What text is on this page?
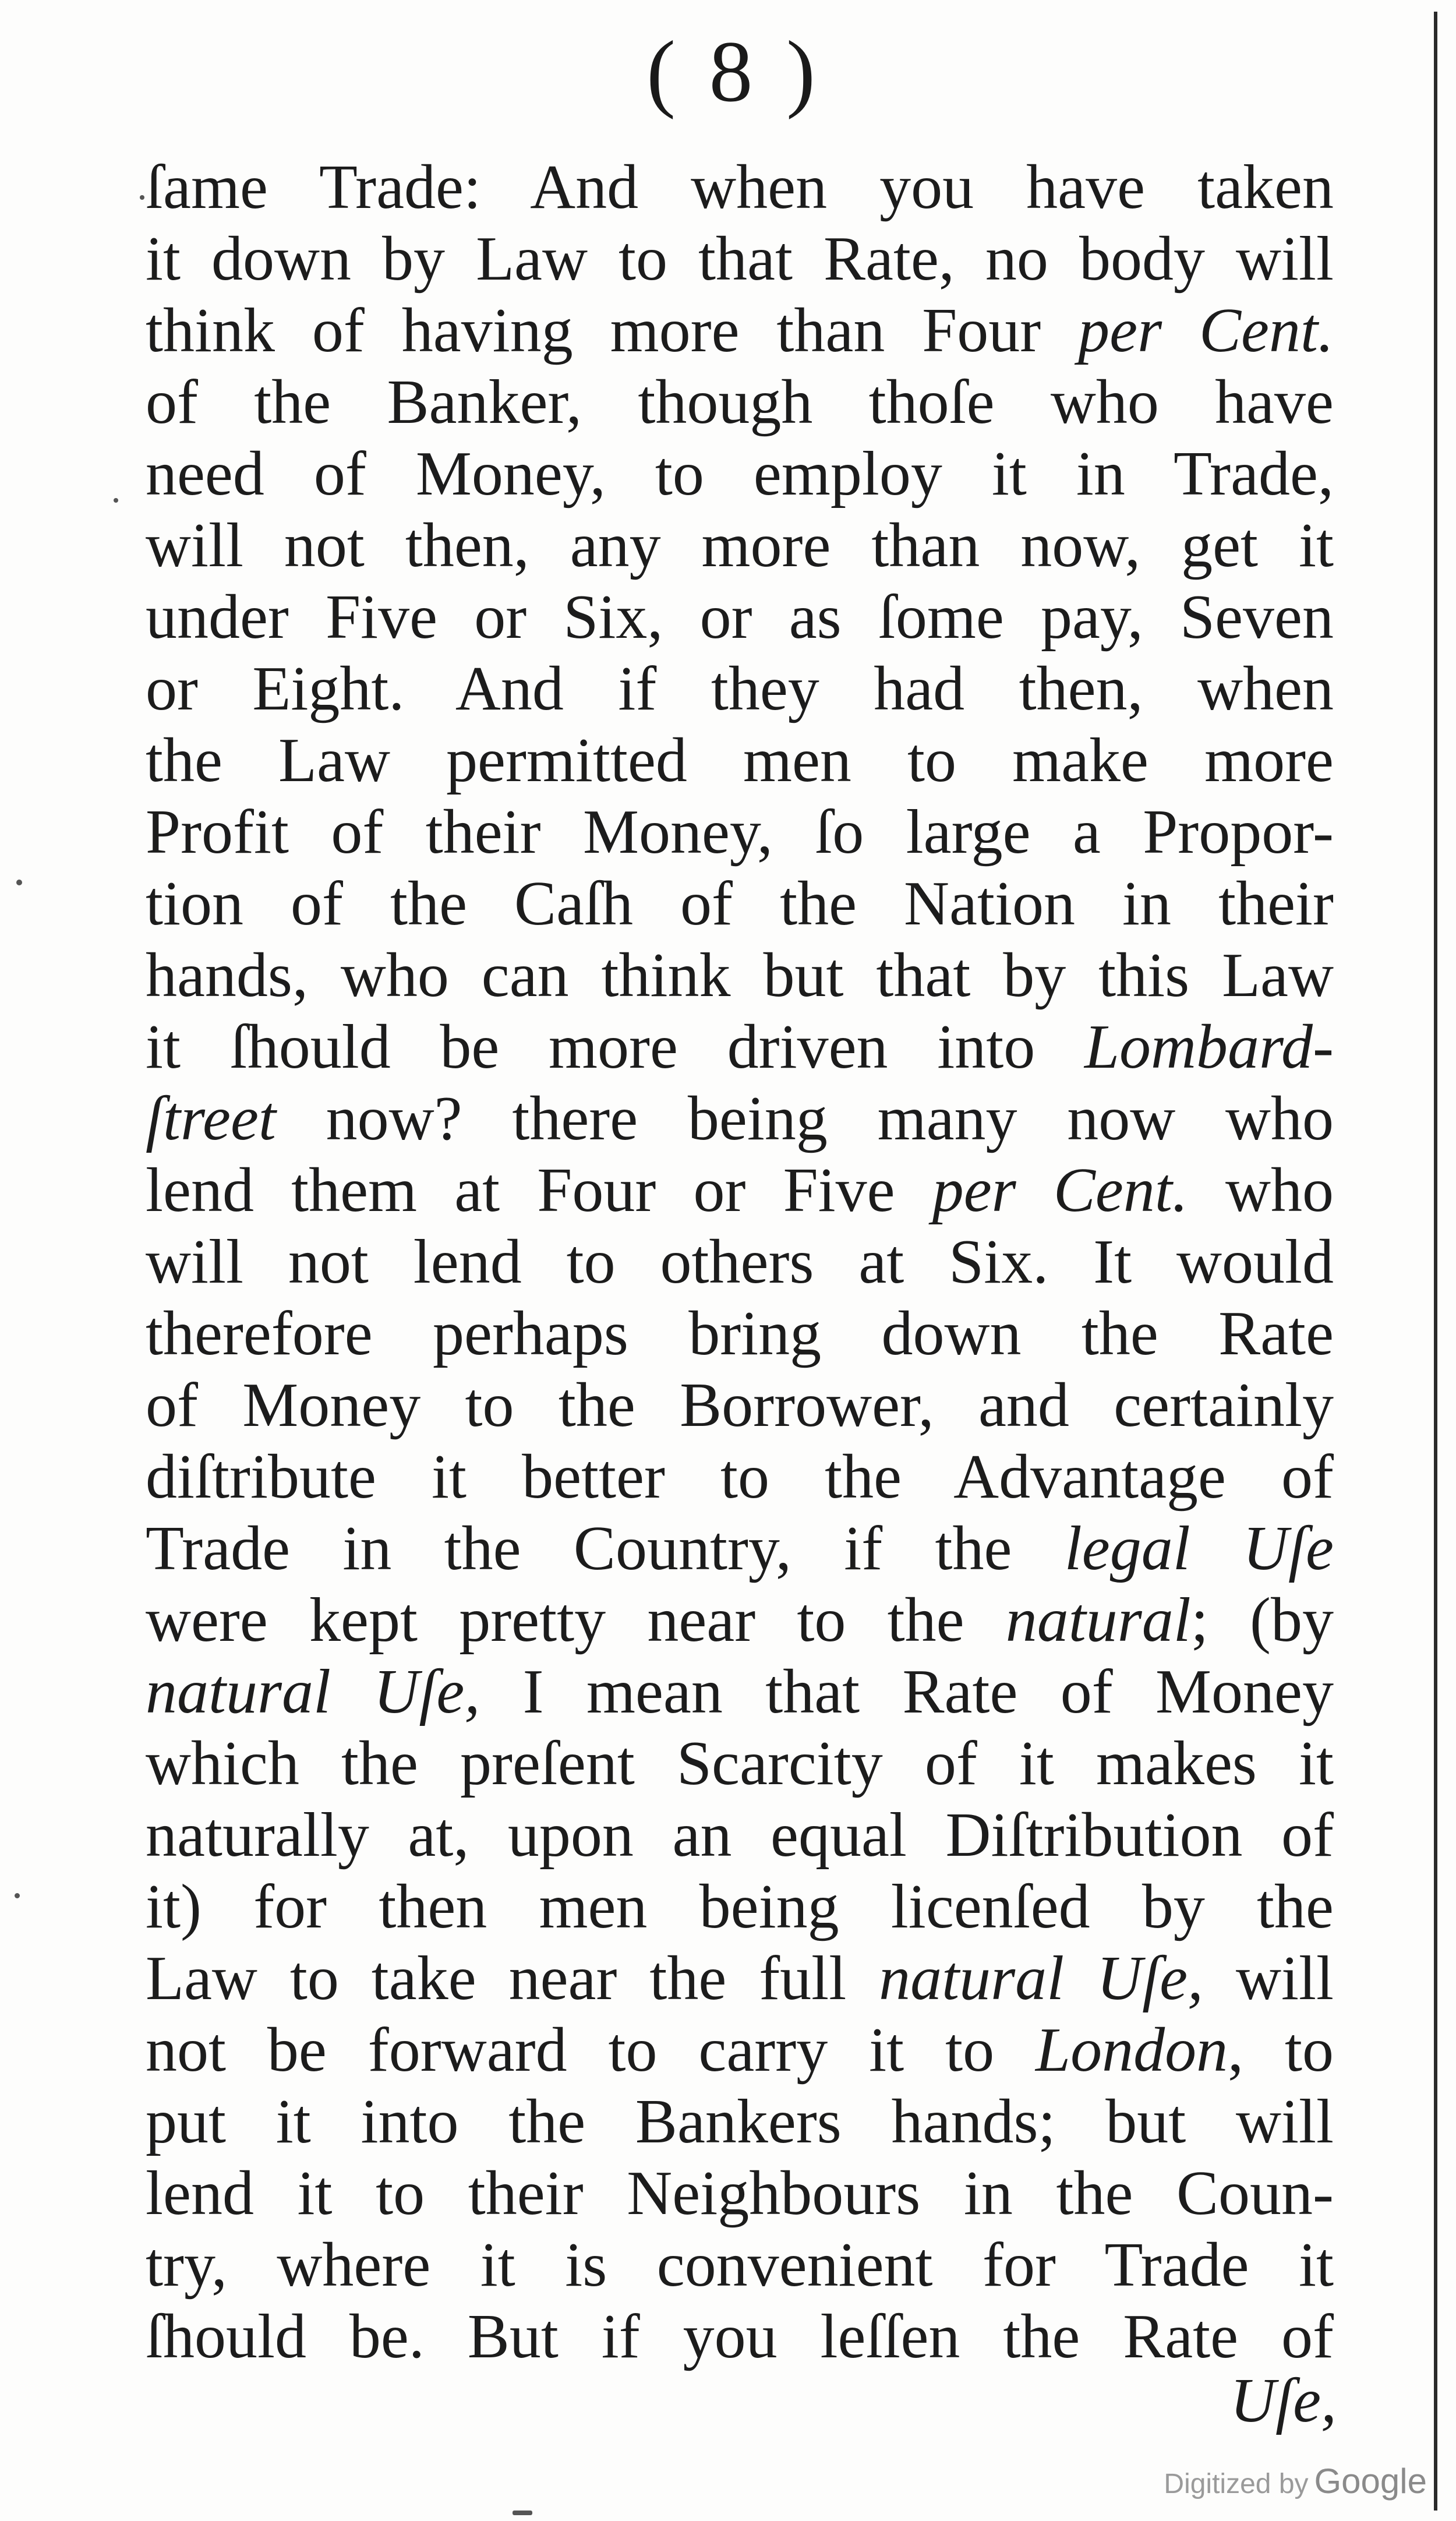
( 8 )
ſame Trade: And when you have taken
it down by Law to that Rate, no body will
think of having more than Four per Cent.
of the Banker, though thoſe who have
need of Money, to employ it in Trade,
will not then, any more than now, get it
under Five or Six, or as ſome pay, Seven
or Eight. And if they had then, when
the Law permitted men to make more
Profit of their Money, ſo large a Propor-
tion of the Caſh of the Nation in their
hands, who can think but that by this Law
it ſhould be more driven into Lombard-
ſtreet now? there being many now who
lend them at Four or Five per Cent. who
will not lend to others at Six. It would
therefore perhaps bring down the Rate
of Money to the Borrower, and certainly
diſtribute it better to the Advantage of
Trade in the Country, if the legal Uſe
were kept pretty near to the natural; (by
natural Uſe, I mean that Rate of Money
which the preſent Scarcity of it makes it
naturally at, upon an equal Diſtribution of
it) for then men being licenſed by the
Law to take near the full natural Uſe, will
not be forward to carry it to London, to
put it into the Bankers hands; but will
lend it to their Neighbours in the Coun-
try, where it is convenient for Trade it
ſhould be. But if you leſſen the Rate of
Uſe,
Digitized by Google
